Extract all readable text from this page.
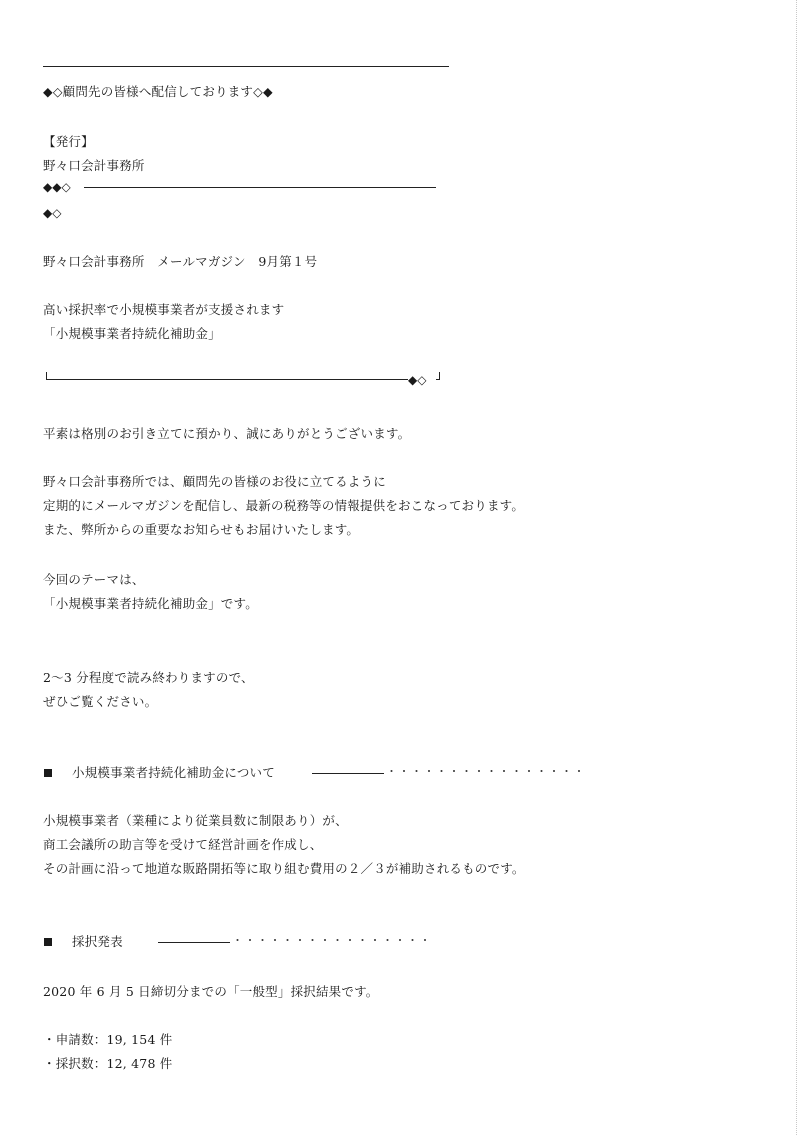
◆◇顧問先の皆様へ配信しております◇◆
【発行】
野々口会計事務所
◆◆◇
◆◇
野々口会計事務所　メールマガジン　9月第１号
高い採択率で小規模事業者が支援されます
「小規模事業者持続化補助金」
◆◇
平素は格別のお引き立てに預かり、誠にありがとうございます。
野々口会計事務所では、顧問先の皆様のお役に立てるように
定期的にメールマガジンを配信し、最新の税務等の情報提供をおこなっております。
また、弊所からの重要なお知らせもお届けいたします。
今回のテーマは、
「小規模事業者持続化補助金」です。
2〜3 分程度で読み終わりますので、
ぜひご覧ください。
小規模事業者持続化補助金について	・・・・・・・・・・・・・・・・
小規模事業者（業種により従業員数に制限あり）が、
商工会議所の助言等を受けて経営計画を作成し、
その計画に沿って地道な販路開拓等に取り組む費用の２／３が補助されるものです。
採択発表	・・・・・・・・・・・・・・・・
2020 年 6 月 5 日締切分までの「一般型」採択結果です。
・申請数：19, 154 件
・採択数：12, 478 件
